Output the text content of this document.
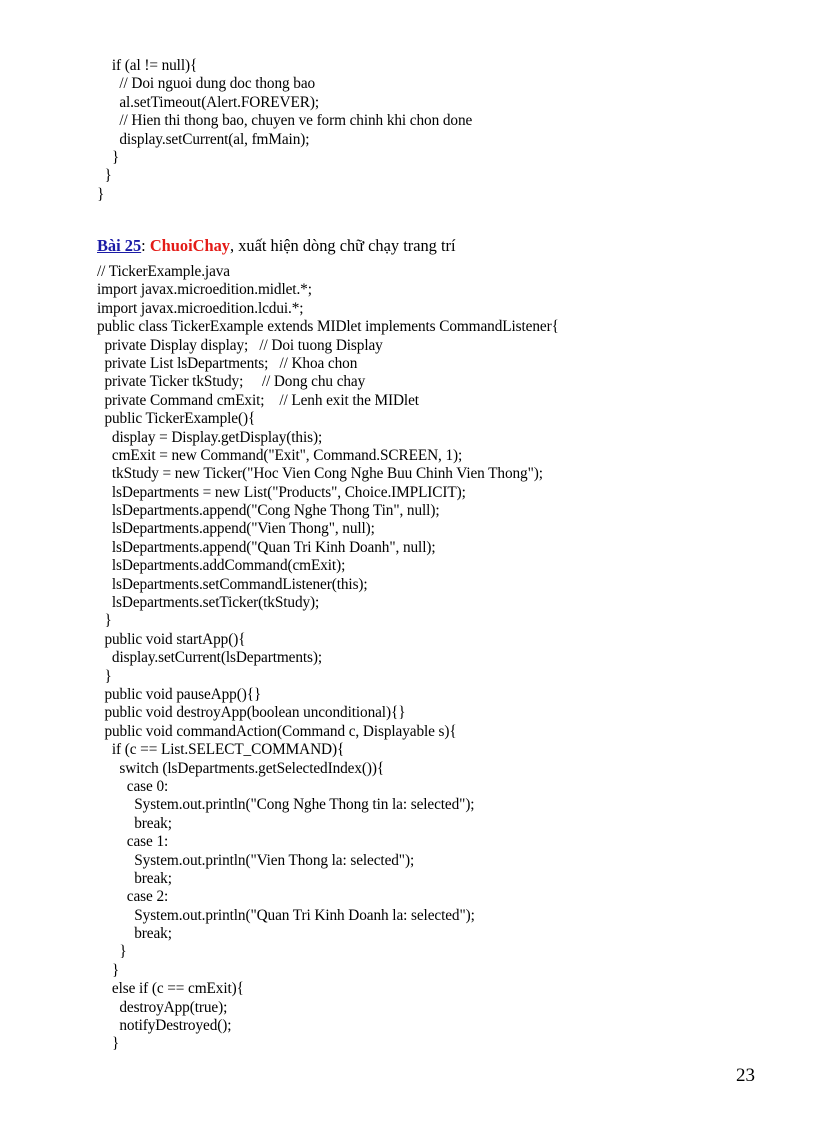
if (al != null){
// Doi nguoi dung doc thong bao
al.setTimeout(Alert.FOREVER);
// Hien thi thong bao, chuyen ve form chinh khi chon done
display.setCurrent(al, fmMain);
}
}
}
Bài 25: ChuoiChay, xuất hiện dòng chữ chạy trang trí
// TickerExample.java
import javax.microedition.midlet.*;
import javax.microedition.lcdui.*;
public class TickerExample extends MIDlet implements CommandListener{
private Display display;   // Doi tuong Display
private List lsDepartments;   // Khoa chon
private Ticker tkStudy;     // Dong chu chay
private Command cmExit;    // Lenh exit the MIDlet
public TickerExample(){
display = Display.getDisplay(this);
cmExit = new Command("Exit", Command.SCREEN, 1);
tkStudy = new Ticker("Hoc Vien Cong Nghe Buu Chinh Vien Thong");
lsDepartments = new List("Products", Choice.IMPLICIT);
lsDepartments.append("Cong Nghe Thong Tin", null);
lsDepartments.append("Vien Thong", null);
lsDepartments.append("Quan Tri Kinh Doanh", null);
lsDepartments.addCommand(cmExit);
lsDepartments.setCommandListener(this);
lsDepartments.setTicker(tkStudy);
}
public void startApp(){
display.setCurrent(lsDepartments);
}
public void pauseApp(){}
public void destroyApp(boolean unconditional){}
public void commandAction(Command c, Displayable s){
if (c == List.SELECT_COMMAND){
switch (lsDepartments.getSelectedIndex()){
case 0:
System.out.println("Cong Nghe Thong tin la: selected");
break;
case 1:
System.out.println("Vien Thong la: selected");
break;
case 2:
System.out.println("Quan Tri Kinh Doanh la: selected");
break;
}
}
else if (c == cmExit){
destroyApp(true);
notifyDestroyed();
}
23
